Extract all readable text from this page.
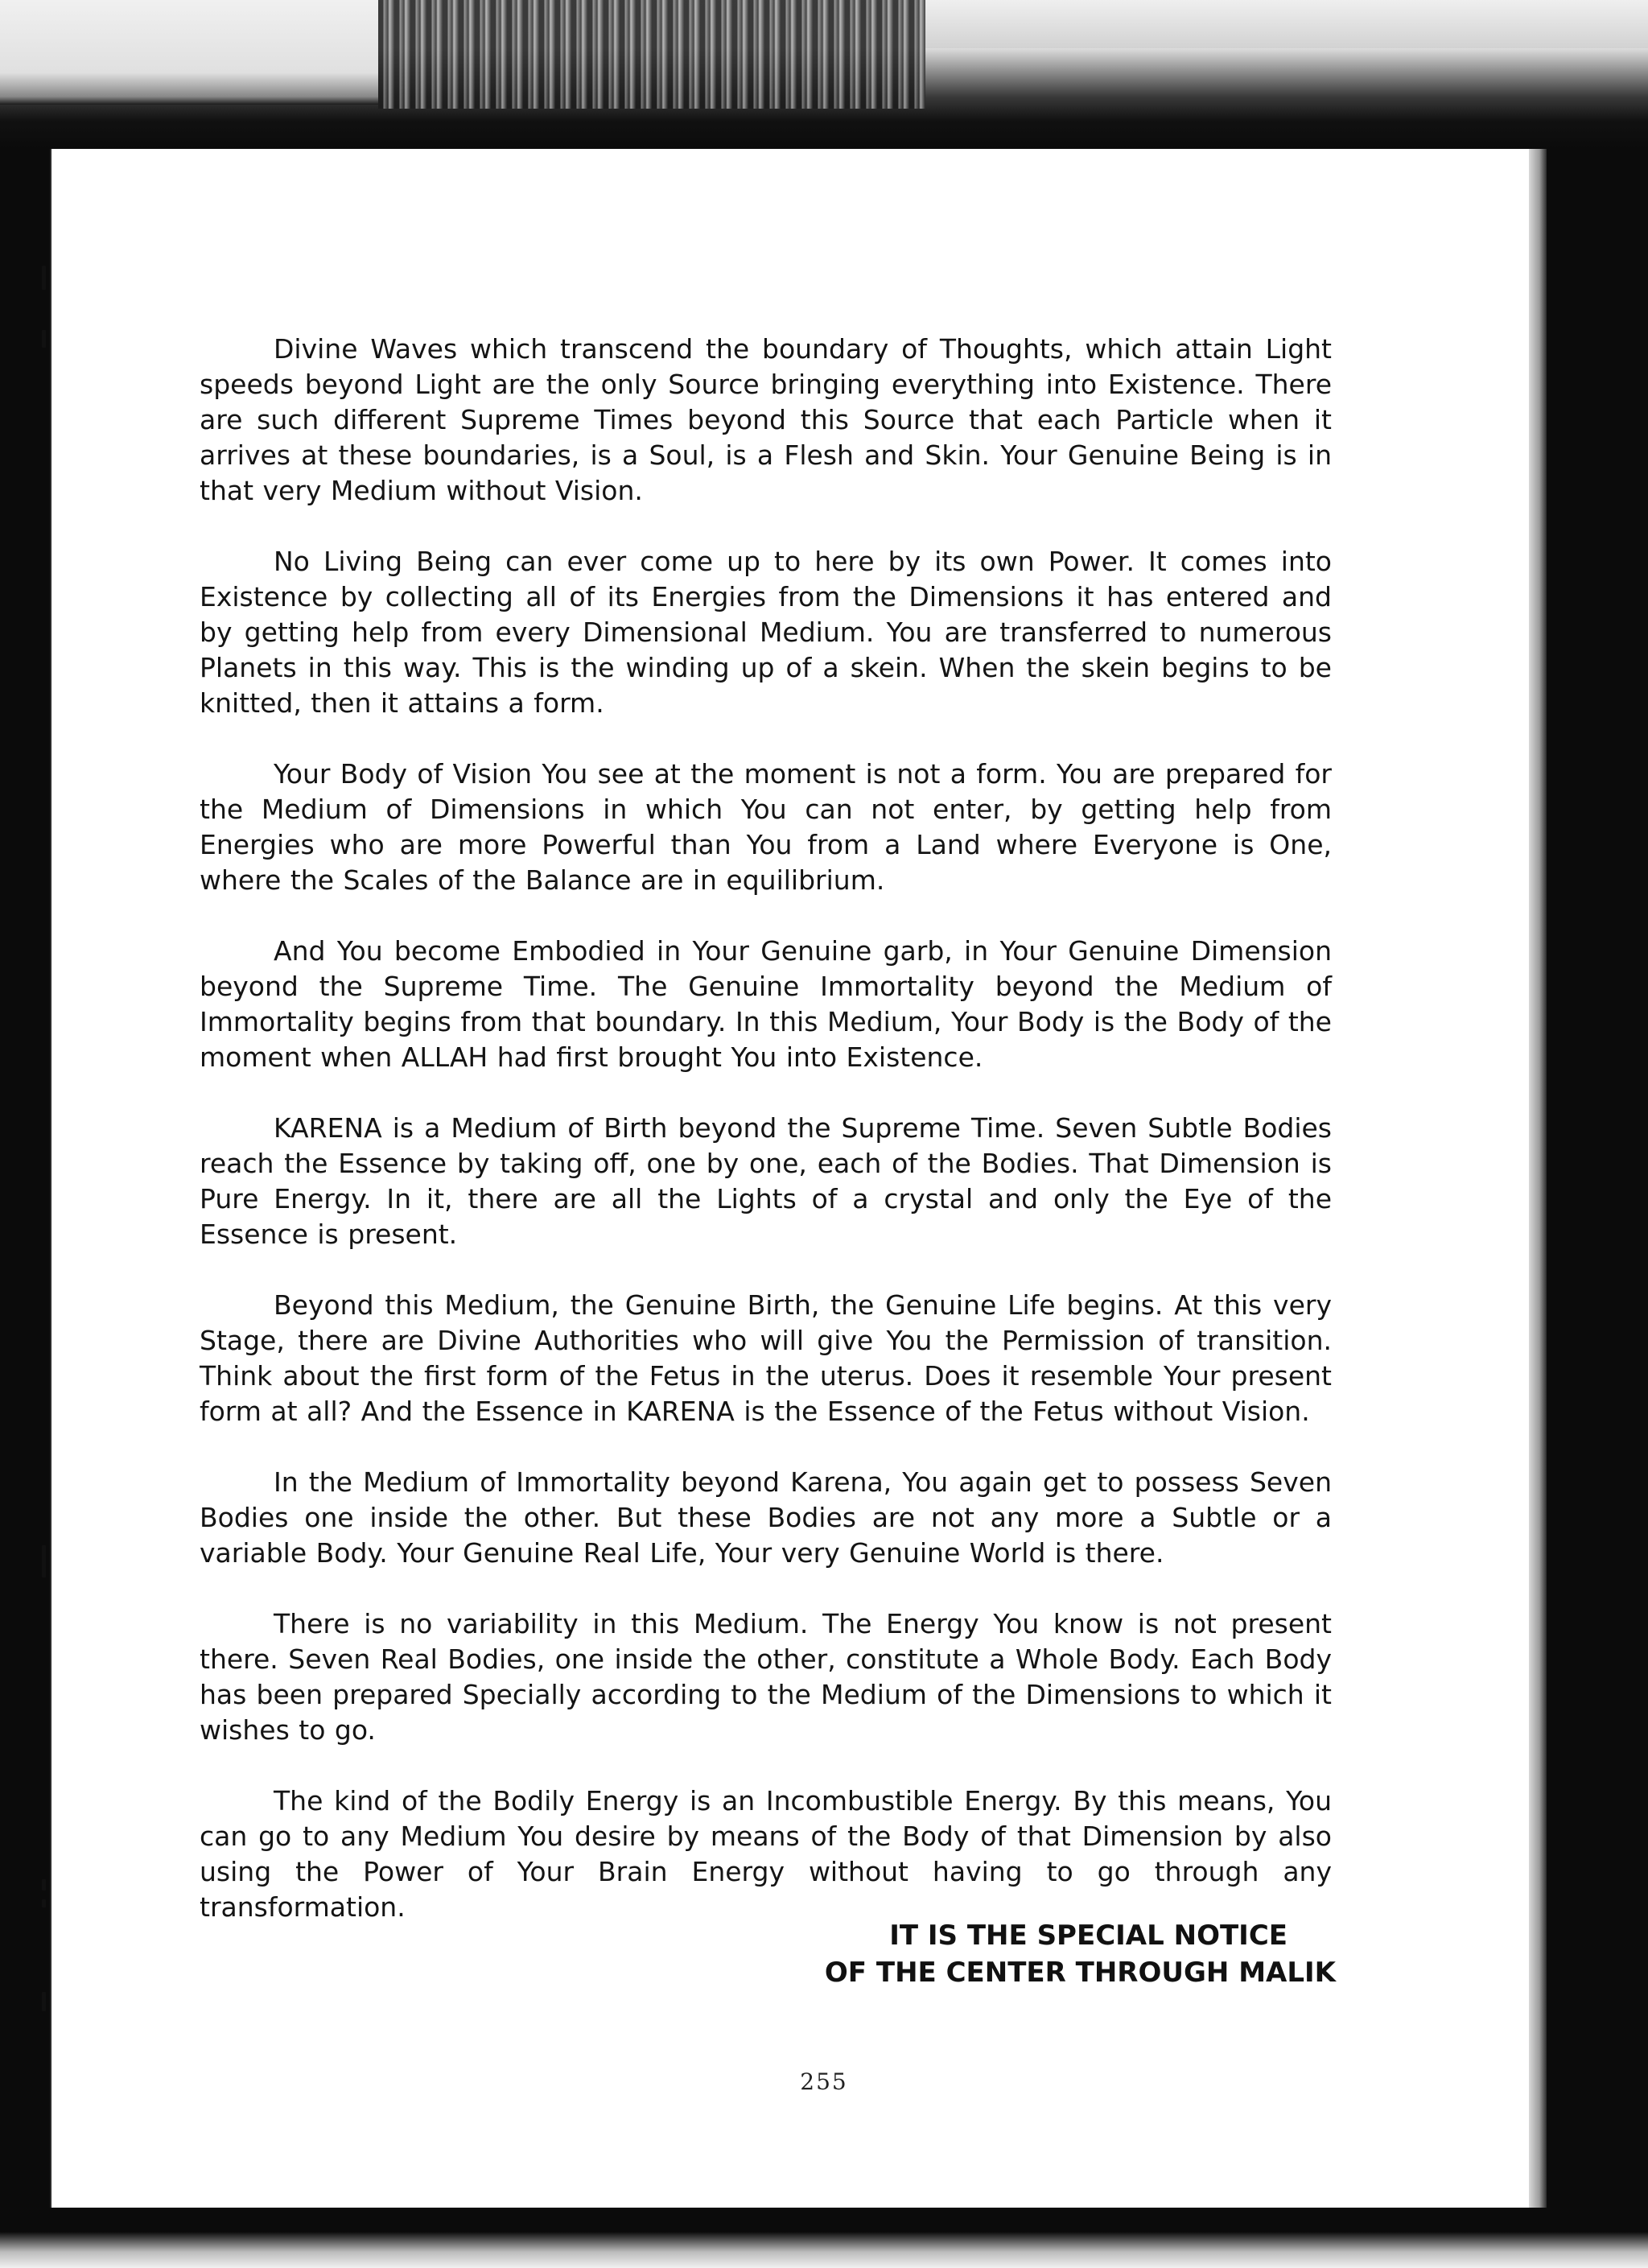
Divine Waves which transcend the boundary of Thoughts, which attain Light speeds beyond Light are the only Source bringing everything into Existence. There are such different Supreme Times beyond this Source that each Particle when it arrives at these boundaries, is a Soul, is a Flesh and Skin. Your Genuine Being is in that very Medium without Vision.

No Living Being can ever come up to here by its own Power. It comes into Existence by collecting all of its Energies from the Dimensions it has entered and by getting help from every Dimensional Medium. You are transferred to numerous Planets in this way. This is the winding up of a skein. When the skein begins to be knitted, then it attains a form.

Your Body of Vision You see at the moment is not a form. You are prepared for the Medium of Dimensions in which You can not enter, by getting help from Energies who are more Powerful than You from a Land where Everyone is One, where the Scales of the Balance are in equilibrium.

And You become Embodied in Your Genuine garb, in Your Genuine Dimension beyond the Supreme Time. The Genuine Immortality beyond the Medium of Immortality begins from that boundary. In this Medium, Your Body is the Body of the moment when ALLAH had first brought You into Existence.

KARENA is a Medium of Birth beyond the Supreme Time. Seven Subtle Bodies reach the Essence by taking off, one by one, each of the Bodies. That Dimension is Pure Energy. In it, there are all the Lights of a crystal and only the Eye of the Essence is present.

Beyond this Medium, the Genuine Birth, the Genuine Life begins. At this very Stage, there are Divine Authorities who will give You the Permission of transition. Think about the first form of the Fetus in the uterus. Does it resemble Your present form at all? And the Essence in KARENA is the Essence of the Fetus without Vision.

In the Medium of Immortality beyond Karena, You again get to possess Seven Bodies one inside the other. But these Bodies are not any more a Subtle or a variable Body. Your Genuine Real Life, Your very Genuine World is there.

There is no variability in this Medium. The Energy You know is not present there. Seven Real Bodies, one inside the other, constitute a Whole Body. Each Body has been prepared Specially according to the Medium of the Dimensions to which it wishes to go.

The kind of the Bodily Energy is an Incombustible Energy. By this means, You can go to any Medium You desire by means of the Body of that Dimension by also using the Power of Your Brain Energy without having to go through any transformation.

IT IS THE SPECIAL NOTICE
OF THE CENTER THROUGH MALIK
255
